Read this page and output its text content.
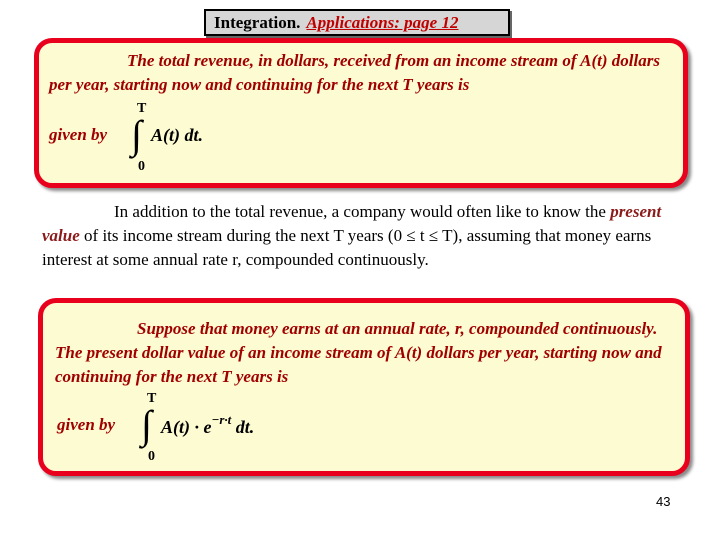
Integration. Applications: page 12

The total revenue, in dollars, received from an income stream of A(t) dollars per year, starting now and continuing for the next T years is

given by
T
∫
0
A(t) dt.

In addition to the total revenue, a company would often like to know the present value of its income stream during the next T years (0 ≤ t ≤ T), assuming that money earns interest at some annual rate r, compounded continuously.

Suppose that money earns at an annual rate, r, compounded continuously. The present dollar value of an income stream of A(t) dollars per year, starting now and continuing for the next T years is

given by
T
∫
0
$A(t) \cdot e^{-r\cdot t}$ dt.
43
